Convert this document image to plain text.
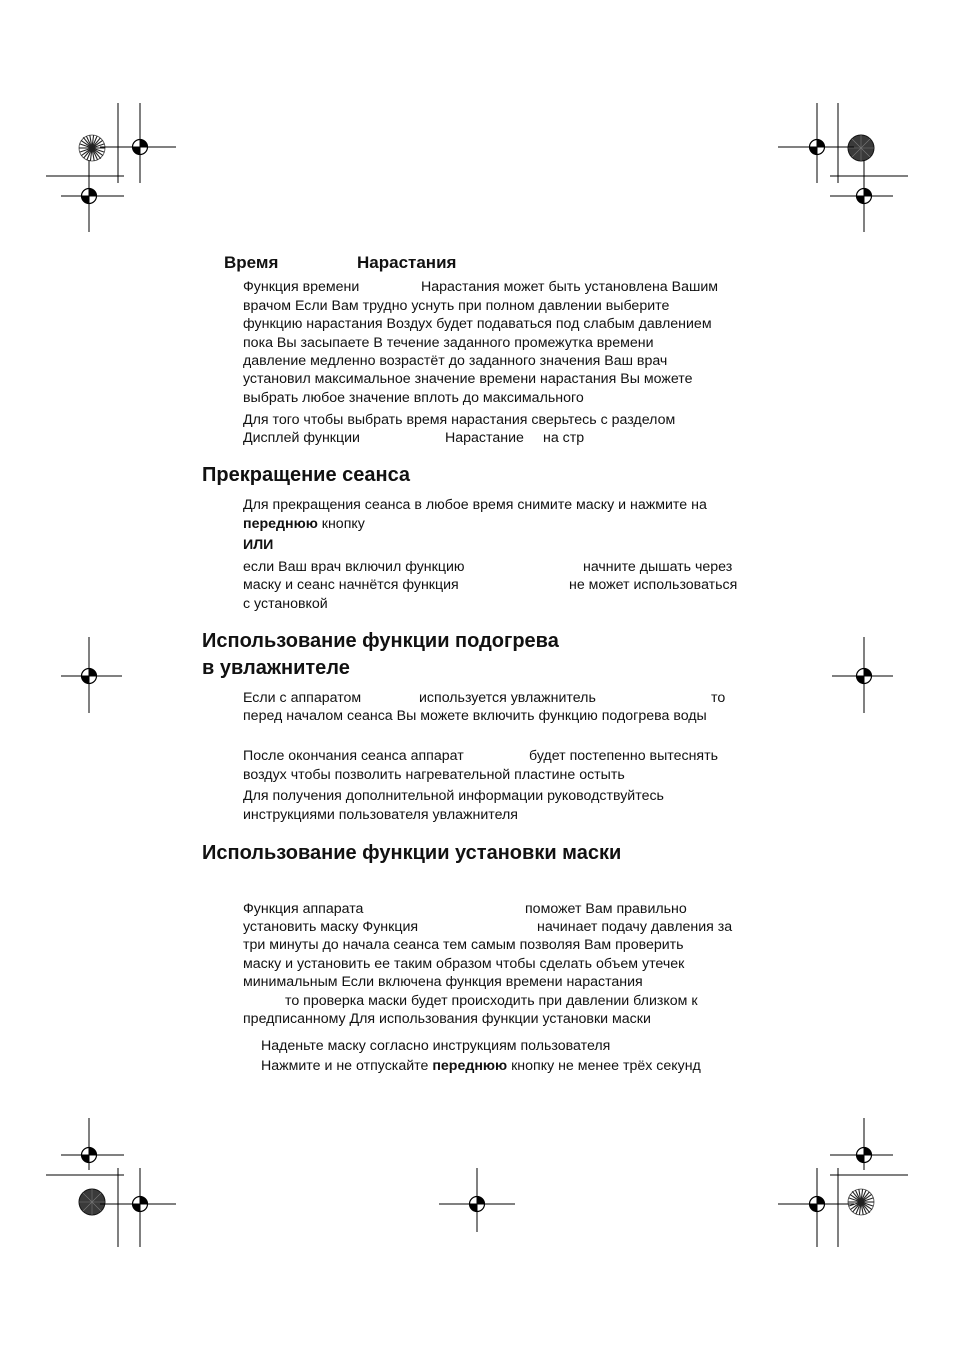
Время	Нарастания
Функция времени	Нарастания может быть установлена Вашим
врачом Если Вам трудно уснуть при полном давлении выберите
функцию нарастания Воздух будет подаваться под слабым давлением
пока Вы засыпаете В течение заданного промежутка времени
давление медленно возрастёт до заданного значения Ваш врач
установил максимальное значение времени нарастания Вы можете
выбрать любое значение вплоть до максимального
Для того чтобы выбрать время нарастания сверьтесь с разделом
Дисплей функции	Нарастание на стр
Прекращение сеанса
Для прекращения сеанса в любое время снимите маску и нажмите на
переднюю кнопку
ИЛИ
если Ваш врач включил функцию	начните дышать через
маску и сеанс начнётся функция	не может использоваться
с установкой
Использование функции подогрева
в увлажнителе
Если с аппаратом	используется увлажнитель	то
перед началом сеанса Вы можете включить функцию подогрева воды
После окончания сеанса аппарат	будет постепенно вытеснять
воздух чтобы позволить нагревательной пластине остыть
Для получения дополнительной информации руководствуйтесь
инструкциями пользователя увлажнителя
Использование функции установки маски
Функция аппарата	поможет Вам правильно
установить маску Функция	начинает подачу давления за
три минуты до начала сеанса тем самым позволяя Вам проверить
маску и установить ее таким образом чтобы сделать объем утечек
минимальным Если включена функция времени нарастания
то проверка маски будет происходить при давлении близком к
предписанному Для использования функции установки маски
Наденьте маску согласно инструкциям пользователя
Нажмите и не отпускайте переднюю кнопку не менее трёх секунд
